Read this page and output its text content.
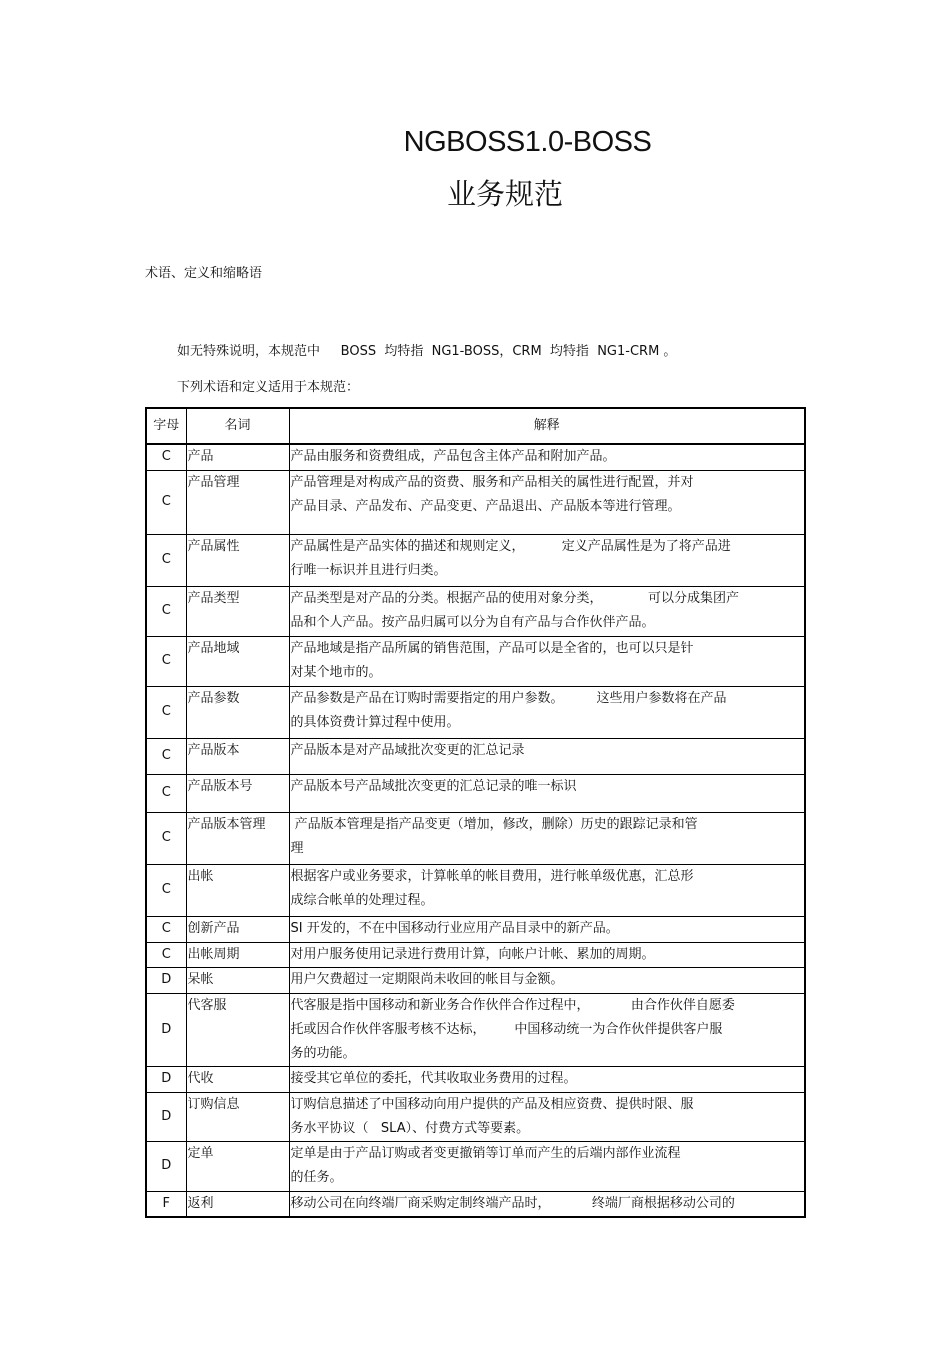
NGBOSS1.0-BOSS
业务规范
术语、定义和缩略语
如无特殊说明，本规范中     BOSS  均特指  NG1-BOSS，CRM  均特指  NG1-CRM 。
下列术语和定义适用于本规范：
字母	名词	解释
C	产品	产品由服务和资费组成，产品包含主体产品和附加产品。
C	产品管理	产品管理是对构成产品的资费、服务和产品相关的属性进行配置，并对
产品目录、产品发布、产品变更、产品退出、产品版本等进行管理。
C	产品属性	产品属性是产品实体的描述和规则定义，         定义产品属性是为了将产品进
行唯一标识并且进行归类。
C	产品类型	产品类型是对产品的分类。根据产品的使用对象分类，           可以分成集团产
品和个人产品。按产品归属可以分为自有产品与合作伙伴产品。
C	产品地域	产品地域是指产品所属的销售范围，产品可以是全省的，也可以只是针
对某个地市的。
C	产品参数	产品参数是产品在订购时需要指定的用户参数。        这些用户参数将在产品
的具体资费计算过程中使用。
C	产品版本	产品版本是对产品域批次变更的汇总记录
C	产品版本号	产品版本号产品域批次变更的汇总记录的唯一标识
C	产品版本管理	产品版本管理是指产品变更（增加，修改，删除）历史的跟踪记录和管
理
C	出帐	根据客户或业务要求，计算帐单的帐目费用，进行帐单级优惠，汇总形
成综合帐单的处理过程。
C	创新产品	SI 开发的，不在中国移动行业应用产品目录中的新产品。
C	出帐周期	对用户服务使用记录进行费用计算，向帐户计帐、累加的周期。
D	呆帐	用户欠费超过一定期限尚未收回的帐目与金额。
D	代客服	代客服是指中国移动和新业务合作伙伴合作过程中，          由合作伙伴自愿委
托或因合作伙伴客服考核不达标，       中国移动统一为合作伙伴提供客户服
务的功能。
D	代收	接受其它单位的委托，代其收取业务费用的过程。
D	订购信息	订购信息描述了中国移动向用户提供的产品及相应资费、提供时限、服
务水平协议（   SLA）、付费方式等要素。
D	定单	定单是由于产品订购或者变更撤销等订单而产生的后端内部作业流程
的任务。
F	返利	移动公司在向终端厂商采购定制终端产品时，          终端厂商根据移动公司的
